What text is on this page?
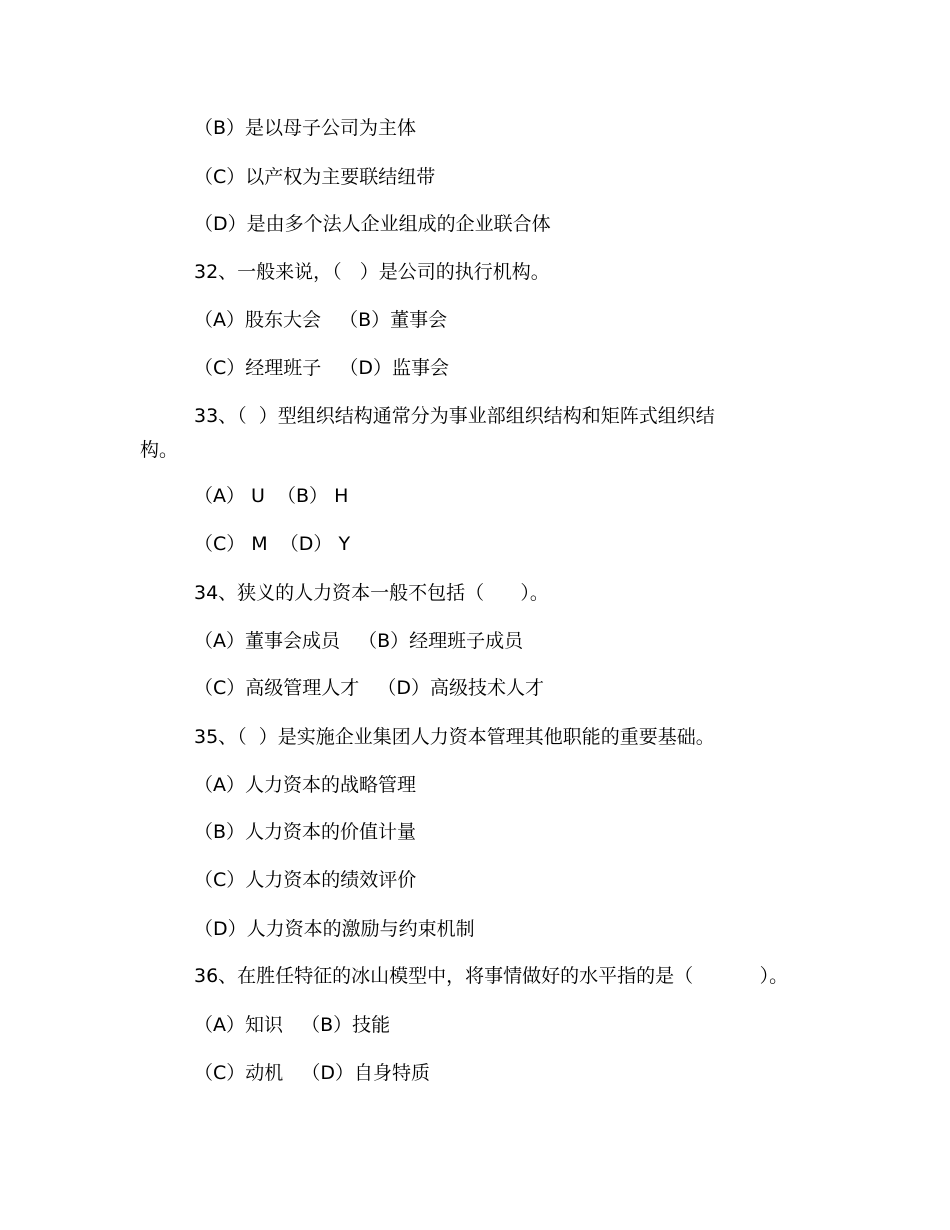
（B）是以母子公司为主体
（C）以产权为主要联结纽带
（D）是由多个法人企业组成的企业联合体
32、一般来说，（   ）是公司的执行机构。
（A）股东大会   （B）董事会
（C）经理班子   （D）监事会
33、（  ）型组织结构通常分为事业部组织结构和矩阵式组织结
构。
（A） U  （B） H
（C） M  （D） Y
34、狭义的人力资本一般不包括（      ）。
（A）董事会成员   （B）经理班子成员
（C）高级管理人才   （D）高级技术人才
35、（  ）是实施企业集团人力资本管理其他职能的重要基础。
（A）人力资本的战略管理
（B）人力资本的价值计量
（C）人力资本的绩效评价
（D）人力资本的激励与约束机制
36、在胜任特征的冰山模型中，将事情做好的水平指的是（           ）。
（A）知识   （B）技能
（C）动机   （D）自身特质
